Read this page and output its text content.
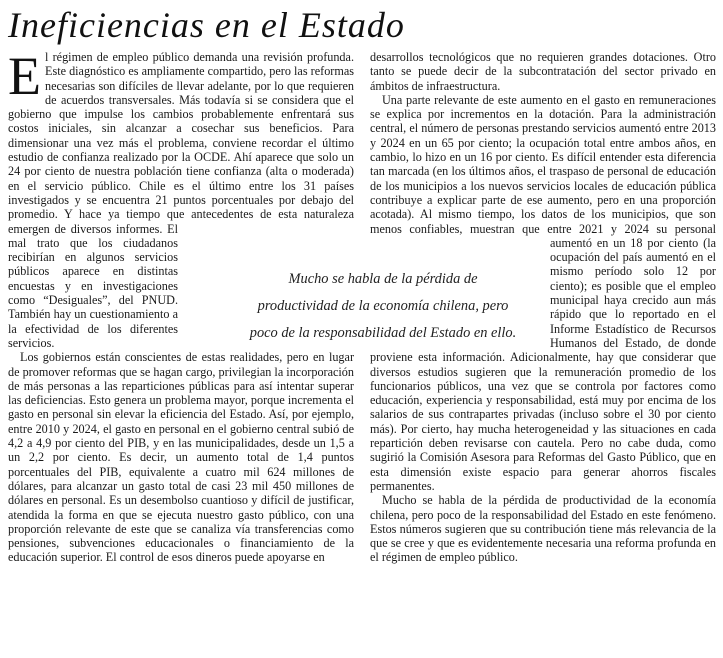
Ineficiencias en el Estado

El régimen de empleo público demanda una revisión profunda. Este diagnóstico es ampliamente compartido, pero las reformas necesarias son difíciles de llevar adelante, por lo que requieren de acuerdos transversales. Más todavía si se considera que el gobierno que impulse los cambios probablemente enfrentará sus costos iniciales, sin alcanzar a cosechar sus beneficios. Para dimensionar una vez más el problema, conviene recordar el último estudio de confianza realizado por la OCDE. Ahí aparece que solo un 24 por ciento de nuestra población tiene confianza (alta o moderada) en el servicio público. Chile es el último entre los 31 países investigados y se encuentra 21 puntos porcentuales por debajo del promedio. Y hace ya tiempo que antecedentes de esta naturaleza emergen de diversos informes. El mal trato que los ciudadanos recibirían en algunos servicios públicos aparece en distintas encuestas y en investigaciones como “Desiguales”, del PNUD. También hay un cuestionamiento a la efectividad de los diferentes servicios.

Los gobiernos están conscientes de estas realidades, pero en lugar de promover reformas que se hagan cargo, privilegian la incorporación de más personas a las reparticiones públicas para así intentar superar las deficiencias. Esto genera un problema mayor, porque incrementa el gasto en personal sin elevar la eficiencia del Estado. Así, por ejemplo, entre 2010 y 2024, el gasto en personal en el gobierno central subió de 4,2 a 4,9 por ciento del PIB, y en las municipalidades, desde un 1,5 a un 2,2 por ciento. Es decir, un aumento total de 1,4 puntos porcentuales del PIB, equivalente a cuatro mil 624 millones de dólares, para alcanzar un gasto total de casi 23 mil 450 millones de dólares en personal. Es un desembolso cuantioso y difícil de justificar, atendida la forma en que se ejecuta nuestro gasto público, con una proporción relevante de este que se canaliza vía transferencias como pensiones, subvenciones educacionales o financiamiento de la educación superior. El control de esos dineros puede apoyarse en

desarrollos tecnológicos que no requieren grandes dotaciones. Otro tanto se puede decir de la subcontratación del sector privado en ámbitos de infraestructura.

Una parte relevante de este aumento en el gasto en remuneraciones se explica por incrementos en la dotación. Para la administración central, el número de personas prestando servicios aumentó entre 2013 y 2024 en un 65 por ciento; la ocupación total entre ambos años, en cambio, lo hizo en un 16 por ciento. Es difícil entender esta diferencia tan marcada (en los últimos años, el traspaso de personal de educación de los municipios a los nuevos servicios locales de educación pública contribuye a explicar parte de ese aumento, pero en una proporción acotada). Al mismo tiempo, los datos de los municipios, que son menos confiables, muestran que entre 2021 y 2024 su personal aumentó en un 18 por ciento (la ocupación del país aumentó en el mismo período solo 12 por ciento); es posible que el empleo municipal haya crecido aun más rápido que lo reportado en el Informe Estadístico de Recursos Humanos del Estado, de donde proviene esta información. Adicionalmente, hay que considerar que diversos estudios sugieren que la remuneración promedio de los funcionarios públicos, una vez que se controla por factores como educación, experiencia y responsabilidad, está muy por encima de los salarios de sus contrapartes privadas (incluso sobre el 30 por ciento más). Por cierto, hay mucha heterogeneidad y las situaciones en cada repartición deben revisarse con cautela. Pero no cabe duda, como sugirió la Comisión Asesora para Reformas del Gasto Público, que en esta dimensión existe espacio para generar ahorros fiscales permanentes.

Mucho se habla de la pérdida de productividad de la economía chilena, pero poco de la responsabilidad del Estado en este fenómeno. Estos números sugieren que su contribución tiene más relevancia de la que se cree y que es evidentemente necesaria una reforma profunda en el régimen de empleo público.

Mucho se habla de la pérdida de
productividad de la economía chilena, pero
poco de la responsabilidad del Estado en ello.
